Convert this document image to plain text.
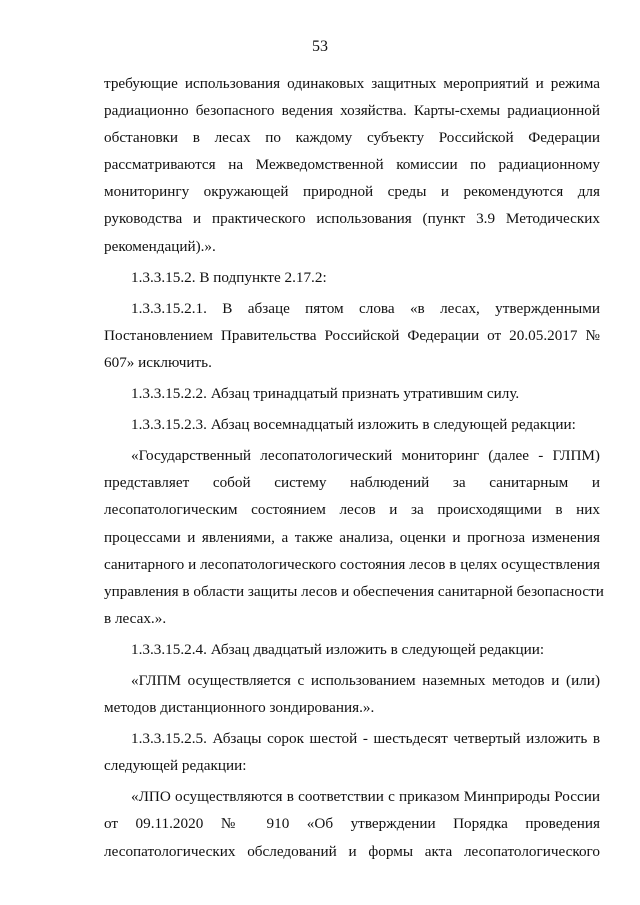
53
требующие использования одинаковых защитных мероприятий и режима
радиационно безопасного ведения хозяйства. Карты-схемы радиационной
обстановки в лесах по каждому субъекту Российской Федерации
рассматриваются на Межведомственной комиссии по радиационному
мониторингу окружающей природной среды и рекомендуются для
руководства и практического использования (пункт 3.9 Методических
рекомендаций).».
1.3.3.15.2. В подпункте 2.17.2:
1.3.3.15.2.1. В абзаце пятом слова «в лесах, утвержденными
Постановлением Правительства Российской Федерации от 20.05.2017 №
607» исключить.
1.3.3.15.2.2. Абзац тринадцатый признать утратившим силу.
1.3.3.15.2.3. Абзац восемнадцатый изложить в следующей редакции:
«Государственный лесопатологический мониторинг (далее - ГЛПМ)
представляет собой систему наблюдений за санитарным и
лесопатологическим состоянием лесов и за происходящими в них
процессами и явлениями, а также анализа, оценки и прогноза изменения
санитарного и лесопатологического состояния лесов в целях осуществления
управления в области защиты лесов и обеспечения санитарной безопасности
в лесах.».
1.3.3.15.2.4. Абзац двадцатый изложить в следующей редакции:
«ГЛПМ осуществляется с использованием наземных методов и (или)
методов дистанционного зондирования.».
1.3.3.15.2.5. Абзацы сорок шестой - шестьдесят четвертый изложить в
следующей редакции:
«ЛПО осуществляются в соответствии с приказом Минприроды России
от 09.11.2020 № 910 «Об утверждении Порядка проведения
лесопатологических обследований и формы акта лесопатологического
